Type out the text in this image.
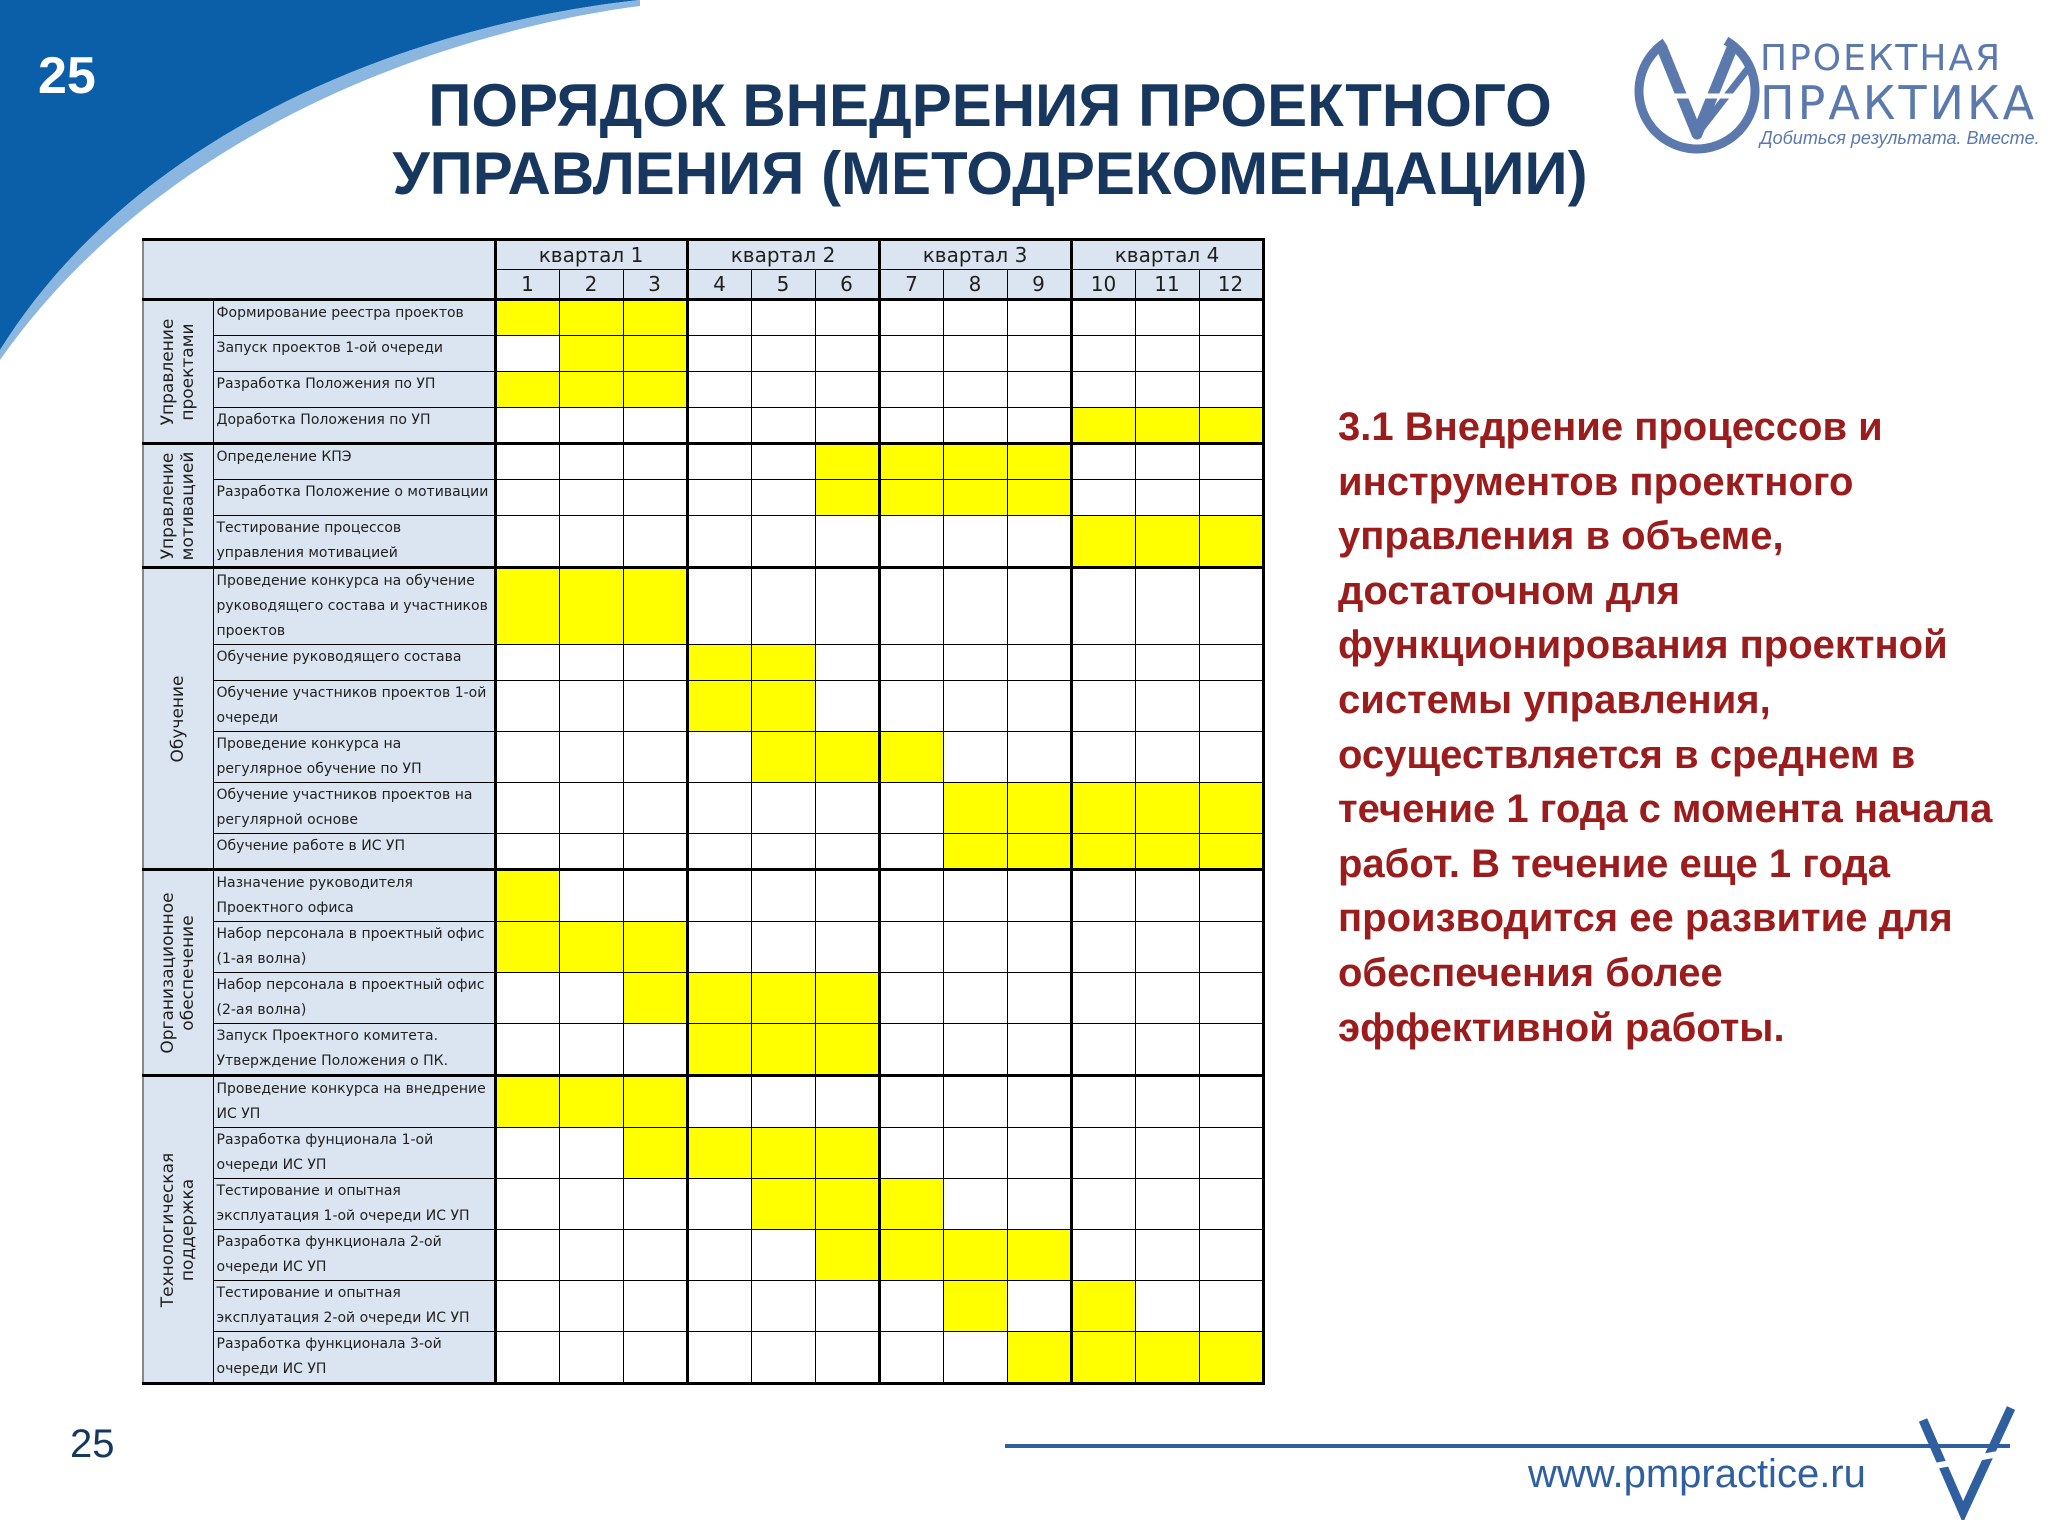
25	ПОРЯДОК ВНЕДРЕНИЯ ПРОЕКТНОГО
УПРАВЛЕНИЯ (МЕТОДРЕКОМЕНДАЦИИ)
ПРОЕКТНАЯ
ПРАКТИКА
Добиться результата. Вместе.
		квартал 1			квартал 2			квартал 3			квартал 4		
		1	2	3	4	5	6	7	8	9	10	11	12

Управление
проектами	Формирование реестра проектов												
	Запуск проектов 1-ой очереди												
	Разработка Положения по УП												
	Доработка Положения по УП												

Управление
мотивацией	Определение КПЭ												
	Разработка Положение о мотивации												
	Тестирование процессов управления мотивацией												

Обучение	Проведение конкурса на обучение руководящего состава и участников проектов												
	Обучение руководящего состава												
	Обучение участников проектов 1-ой очереди												
	Проведение конкурса на регулярное обучение по УП												
	Обучение участников проектов на регулярной основе												
	Обучение работе в ИС УП												

Организационное
обеспечение	Назначение руководителя Проектного офиса												
	Набор персонала в проектный офис (1-ая волна)												
	Набор персонала в проектный офис (2-ая волна)												
	Запуск Проектного комитета. Утверждение Положения о ПК.												

Технологическая
поддержка	Проведение конкурса на внедрение ИС УП												
	Разработка фунционала 1-ой очереди ИС УП												
	Тестирование и опытная эксплуатация 1-ой очереди ИС УП												
	Разработка функционала 2-ой очереди ИС УП												
	Тестирование и опытная эксплуатация 2-ой очереди ИС УП												
	Разработка функционала 3-ой очереди ИС УП												
3.1 Внедрение процессов и инструментов проектного управления в объеме, достаточном для функционирования проектной системы управления, осуществляется в среднем в течение 1 года с момента начала работ. В течение еще 1 года производится ее развитие для обеспечения более эффективной работы.
25
www.pmpractice.ru
